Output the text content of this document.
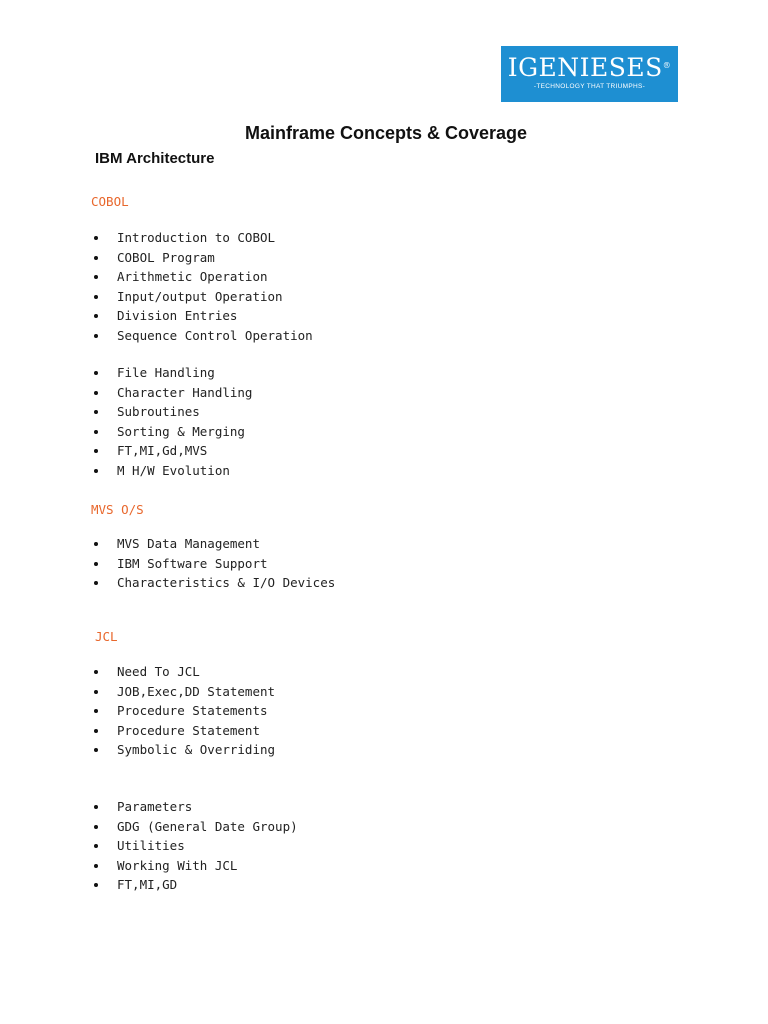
IGENIESES®
-TECHNOLOGY THAT TRIUMPHS-
Mainframe Concepts & Coverage
IBM Architecture
COBOL
Introduction to COBOL
COBOL Program
Arithmetic Operation
Input/output Operation
Division Entries
Sequence Control Operation
File Handling
Character Handling
Subroutines
Sorting & Merging
FT,MI,Gd,MVS
M H/W Evolution
MVS O/S
MVS Data Management
IBM Software Support
Characteristics & I/O Devices
JCL
Need To JCL
JOB,Exec,DD Statement
Procedure Statements
Procedure Statement
Symbolic & Overriding
Parameters
GDG (General Date Group)
Utilities
Working With JCL
FT,MI,GD
